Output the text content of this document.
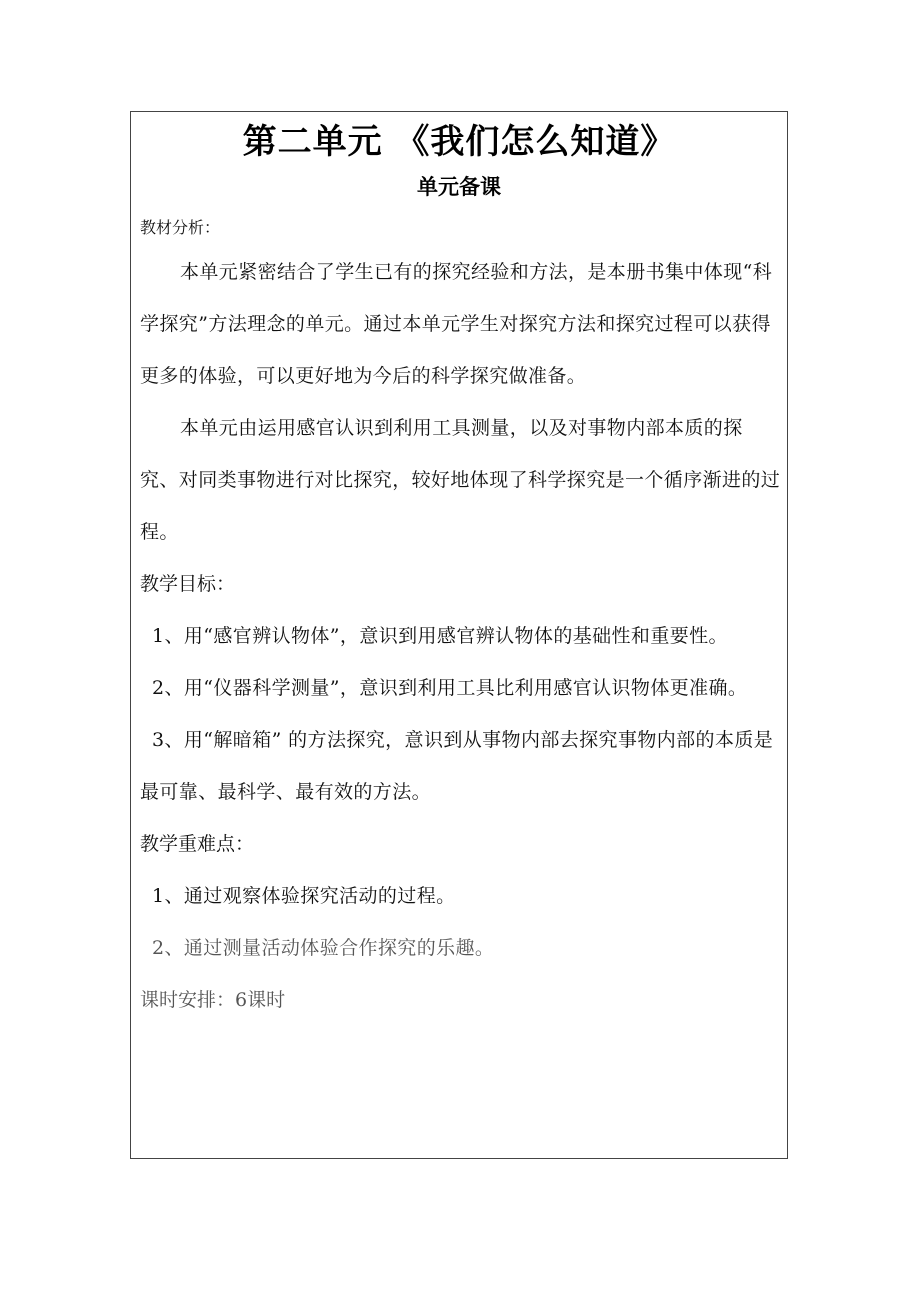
第二单元 《我们怎么知道》
单元备课
教材分析：

本单元紧密结合了学生已有的探究经验和方法，是本册书集中体现“科学探究”方法理念的单元。通过本单元学生对探究方法和探究过程可以获得更多的体验，可以更好地为今后的科学探究做准备。

本单元由运用感官认识到利用工具测量，以及对事物内部本质的探究、对同类事物进行对比探究，较好地体现了科学探究是一个循序渐进的过程。

教学目标：

1、用“感官辨认物体”，意识到用感官辨认物体的基础性和重要性。

2、用“仪器科学测量”，意识到利用工具比利用感官认识物体更准确。

3、用“解暗箱” 的方法探究，意识到从事物内部去探究事物内部的本质是最可靠、最科学、最有效的方法。

教学重难点：

1、通过观察体验探究活动的过程。

2、通过测量活动体验合作探究的乐趣。

课时安排：6课时
